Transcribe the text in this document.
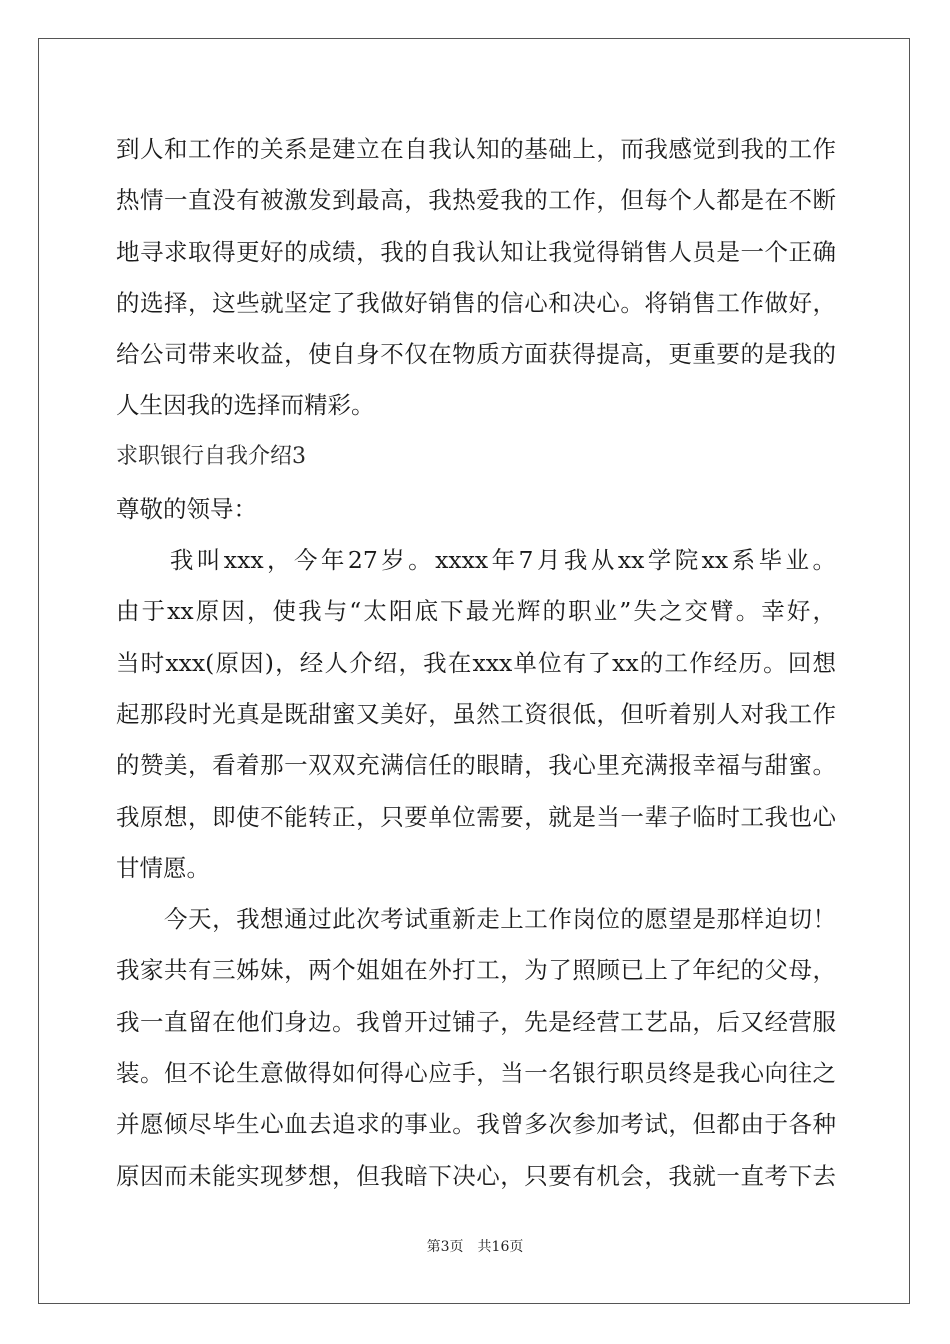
到人和工作的关系是建立在自我认知的基础上，而我感觉到我的工作
热情一直没有被激发到最高，我热爱我的工作，但每个人都是在不断
地寻求取得更好的成绩，我的自我认知让我觉得销售人员是一个正确
的选择，这些就坚定了我做好销售的信心和决心。将销售工作做好，
给公司带来收益，使自身不仅在物质方面获得提高，更重要的是我的
人生因我的选择而精彩。
求职银行自我介绍3
尊敬的领导：
　　我叫xxx，今年27岁。xxxx年7月我从xx学院xx系毕业。
由于xx原因，使我与“太阳底下最光辉的职业”失之交臂。幸好，
当时xxx(原因)，经人介绍，我在xxx单位有了xx的工作经历。回想
起那段时光真是既甜蜜又美好，虽然工资很低，但听着别人对我工作
的赞美，看着那一双双充满信任的眼睛，我心里充满报幸福与甜蜜。
我原想，即使不能转正，只要单位需要，就是当一辈子临时工我也心
甘情愿。
　　今天，我想通过此次考试重新走上工作岗位的愿望是那样迫切！
我家共有三姊妹，两个姐姐在外打工，为了照顾已上了年纪的父母，
我一直留在他们身边。我曾开过铺子，先是经营工艺品，后又经营服
装。但不论生意做得如何得心应手，当一名银行职员终是我心向往之
并愿倾尽毕生心血去追求的事业。我曾多次参加考试，但都由于各种
原因而未能实现梦想，但我暗下决心，只要有机会，我就一直考下去
第3页　共16页
